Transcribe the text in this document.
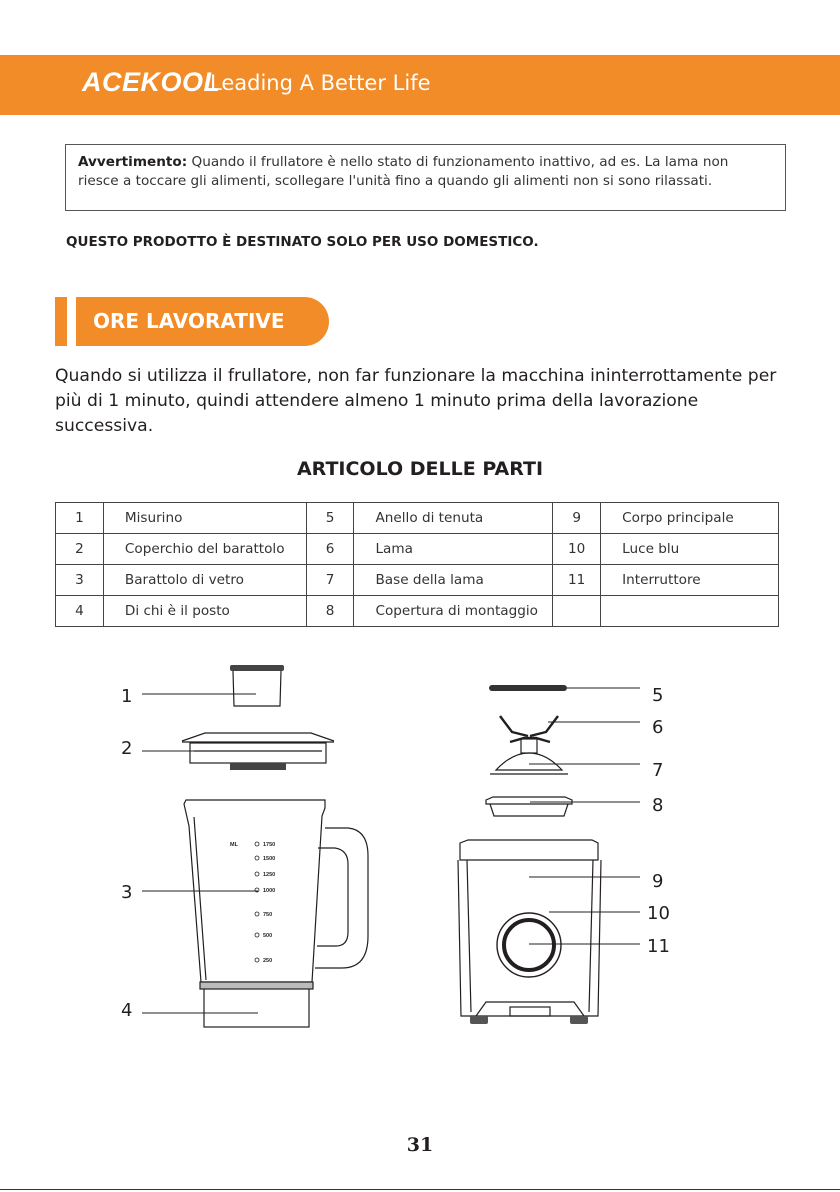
ACEKOOL
Leading A Better Life
Avvertimento: Quando il frullatore è nello stato di funzionamento inattivo, ad es. La lama non riesce a toccare gli alimenti, scollegare l'unità fino a quando gli alimenti non si sono rilassati.
QUESTO PRODOTTO È DESTINATO SOLO PER USO DOMESTICO.
ORE LAVORATIVE
Quando si utilizza il frullatore, non far funzionare la macchina ininterrottamente per più di 1 minuto, quindi attendere almeno 1 minuto prima della lavorazione successiva.
ARTICOLO DELLE PARTI
1	Misurino	5	Anello di tenuta	9	Corpo principale
2	Coperchio del barattolo	6	Lama	10	Luce blu
3	Barattolo di vetro	7	Base della lama	11	Interruttore
4	Di chi è il posto	8	Copertura di montaggio		
ML	1750
1500
1250
1000
750
500
250
1
2
3
4
5
6
7
8
9
10
11
31
